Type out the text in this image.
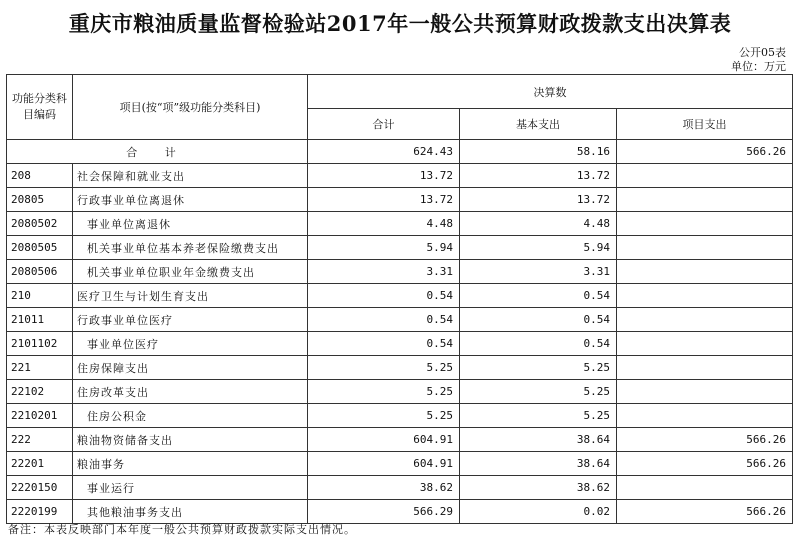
重庆市粮油质量监督检验站2017年一般公共预算财政拨款支出决算表
公开05表
单位：万元
功能分类科目编码	项目(按“项”级功能分类科目)	决算数		
		合计	基本支出	项目支出
合 计		624.43	58.16	566.26
208	社会保障和就业支出	13.72	13.72	
20805	行政事业单位离退休	13.72	13.72	
2080502	事业单位离退休	4.48	4.48	
2080505	机关事业单位基本养老保险缴费支出	5.94	5.94	
2080506	机关事业单位职业年金缴费支出	3.31	3.31	
210	医疗卫生与计划生育支出	0.54	0.54	
21011	行政事业单位医疗	0.54	0.54	
2101102	事业单位医疗	0.54	0.54	
221	住房保障支出	5.25	5.25	
22102	住房改革支出	5.25	5.25	
2210201	住房公积金	5.25	5.25	
222	粮油物资储备支出	604.91	38.64	566.26
22201	粮油事务	604.91	38.64	566.26
2220150	事业运行	38.62	38.62	
2220199	其他粮油事务支出	566.29	0.02	566.26
备注：本表反映部门本年度一般公共预算财政拨款实际支出情况。
